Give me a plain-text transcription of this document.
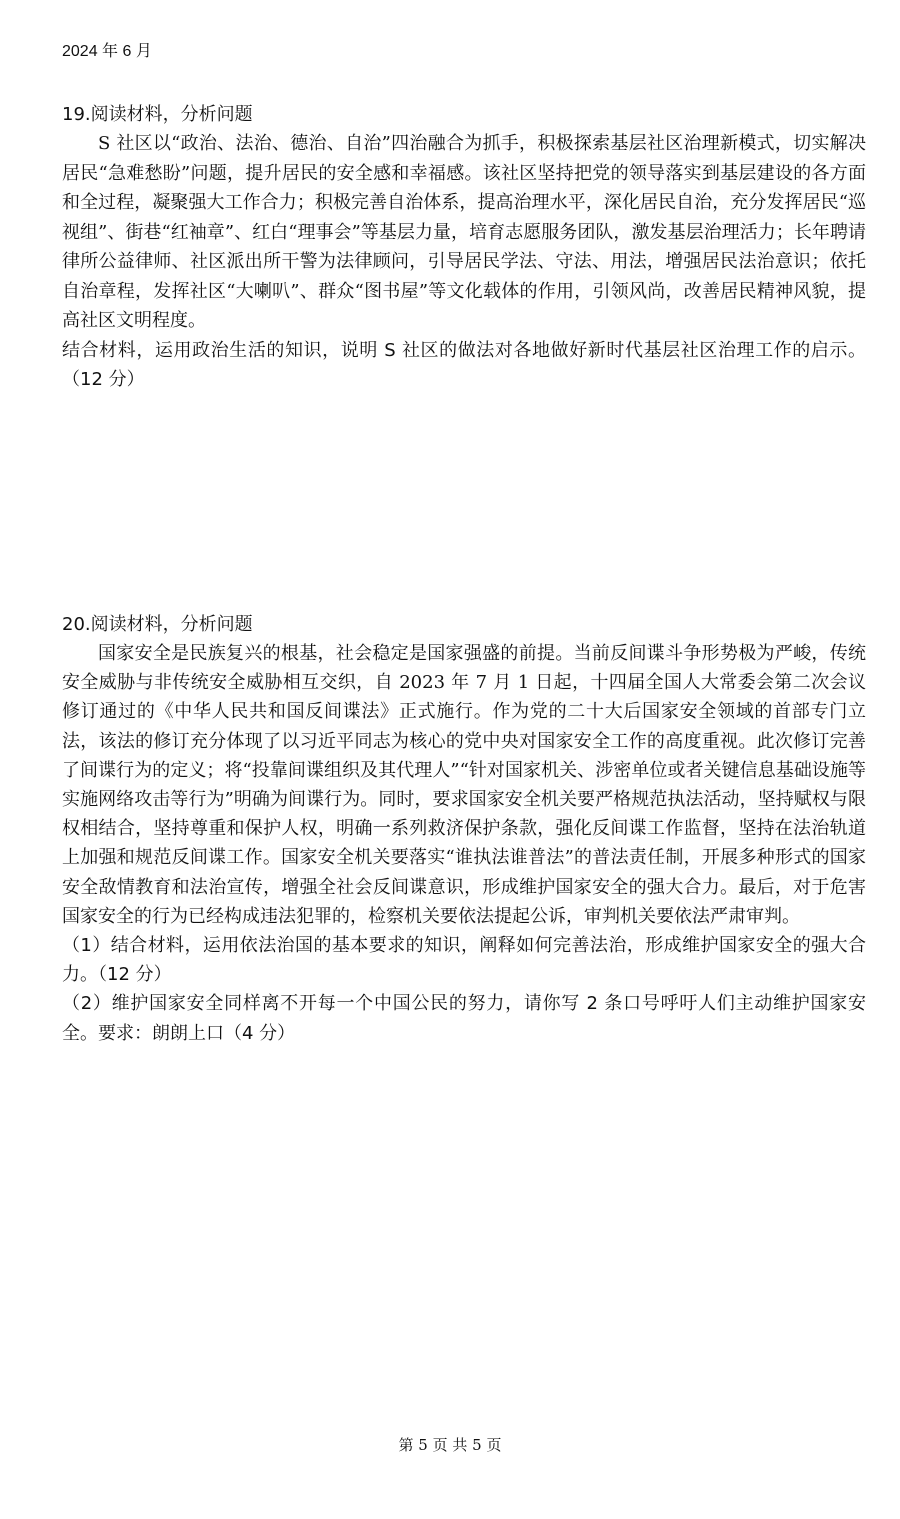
2024 年 6 月
19.阅读材料，分析问题

S 社区以“政治、法治、德治、自治”四治融合为抓手，积极探索基层社区治理新模式，切实解决居民“急难愁盼”问题，提升居民的安全感和幸福感。该社区坚持把党的领导落实到基层建设的各方面和全过程，凝聚强大工作合力；积极完善自治体系，提高治理水平，深化居民自治，充分发挥居民“巡视组”、街巷“红袖章”、红白“理事会”等基层力量，培育志愿服务团队，激发基层治理活力；长年聘请律所公益律师、社区派出所干警为法律顾问，引导居民学法、守法、用法，增强居民法治意识；依托自治章程，发挥社区“大喇叭”、群众“图书屋”等文化载体的作用，引领风尚，改善居民精神风貌，提高社区文明程度。

结合材料，运用政治生活的知识，说明 S 社区的做法对各地做好新时代基层社区治理工作的启示。（12 分）

20.阅读材料，分析问题

国家安全是民族复兴的根基，社会稳定是国家强盛的前提。当前反间谍斗争形势极为严峻，传统安全威胁与非传统安全威胁相互交织，自 2023 年 7 月 1 日起，十四届全国人大常委会第二次会议修订通过的《中华人民共和国反间谍法》正式施行。作为党的二十大后国家安全领域的首部专门立法，该法的修订充分体现了以习近平同志为核心的党中央对国家安全工作的高度重视。此次修订完善了间谍行为的定义；将“投靠间谍组织及其代理人”“针对国家机关、涉密单位或者关键信息基础设施等实施网络攻击等行为”明确为间谍行为。同时，要求国家安全机关要严格规范执法活动，坚持赋权与限权相结合，坚持尊重和保护人权，明确一系列救济保护条款，强化反间谍工作监督，坚持在法治轨道上加强和规范反间谍工作。国家安全机关要落实“谁执法谁普法”的普法责任制，开展多种形式的国家安全敌情教育和法治宣传，增强全社会反间谍意识，形成维护国家安全的强大合力。最后，对于危害国家安全的行为已经构成违法犯罪的，检察机关要依法提起公诉，审判机关要依法严肃审判。

（1）结合材料，运用依法治国的基本要求的知识，阐释如何完善法治，形成维护国家安全的强大合力。（12 分）

（2）维护国家安全同样离不开每一个中国公民的努力，请你写 2 条口号呼吁人们主动维护国家安全。要求：朗朗上口（4 分）

第 5 页 共 5 页
